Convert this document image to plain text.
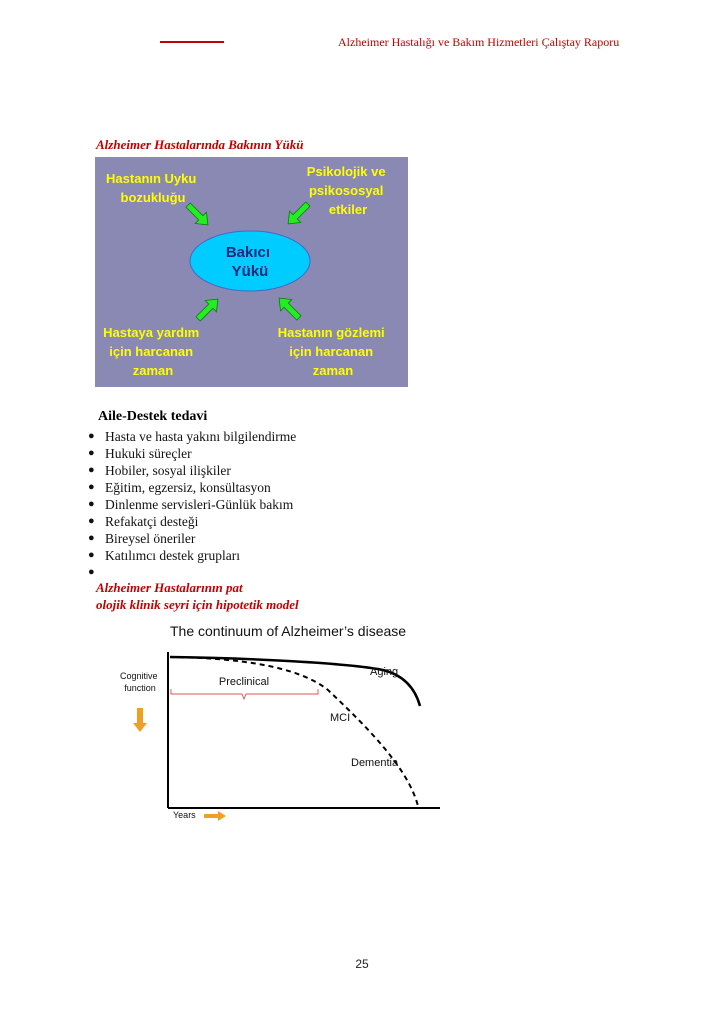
Alzheimer Hastalığı ve Bakım Hizmetleri Çalıştay Raporu
Alzheimer Hastalarında Bakının Yükü
Hastanın Uyku bozukluğu
Psikolojik ve psikososyal etkiler
Hastaya yardım için harcanan zaman
Hastanın gözlemi için harcanan zaman
Bakıcı Yükü
Aile-Destek tedavi
● Hasta ve hasta yakını bilgilendirme
● Hukuki süreçler
● Hobiler, sosyal ilişkiler
● Eğitim, egzersiz, konsültasyon
● Dinlenme servisleri-Günlük bakım
● Refakatçi desteği
● Bireysel öneriler
● Katılımcı destek grupları
●
Alzheimer Hastalarının pat
olojik klinik seyri için hipotetik model
The continuum of Alzheimer’s disease
Cognitive function
Years
Preclinical
Aging
MCI
Dementia
25
